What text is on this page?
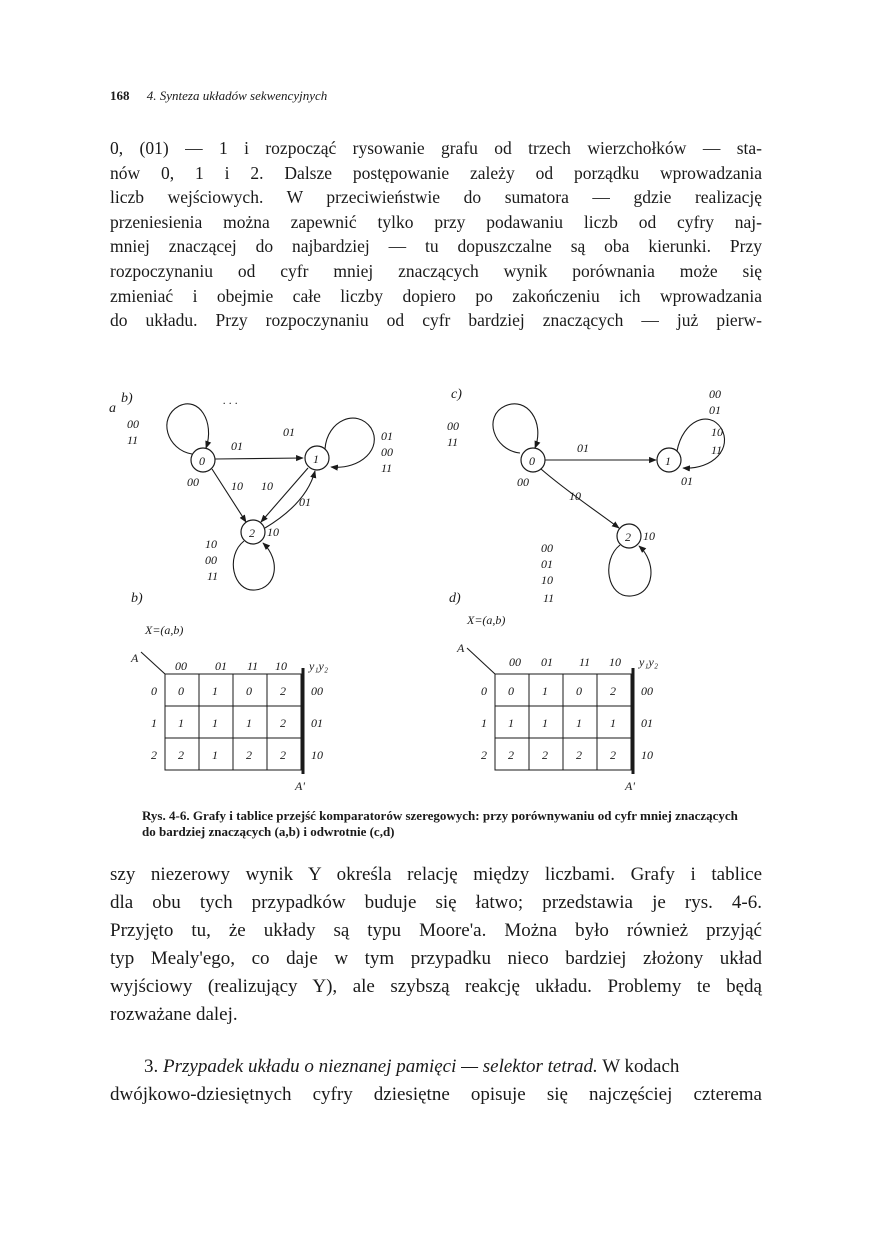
168 4. Synteza układów sekwencyjnych
0, (01) — 1 i rozpocząć rysowanie grafu od trzech wierzchołków — sta-
nów 0, 1 i 2. Dalsze postępowanie zależy od porządku wprowadzania
liczb wejściowych. W przeciwieństwie do sumatora — gdzie realizację
przeniesienia można zapewnić tylko przy podawaniu liczb od cyfry naj-
mniej znaczącej do najbardziej — tu dopuszczalne są oba kierunki. Przy
rozpoczynaniu od cyfr mniej znaczących wynik porównania może się
zmieniać i obejmie całe liczby dopiero po zakończeniu ich wprowadzania
do układu. Przy rozpoczynaniu od cyfr bardziej znaczących — już pierw-
a
b)	. . .
00
11
0	1
01
00
11
01
01
00	10 10
01
2 10
10
00
11
c)
00
11
0
00
01
1
01
00
01
10
11
10
2 10
00
01
10
11
b)
X=(a,b)
A
00 01 11 10 y₁y₂
0 0 1 0 2 00
1 1 1 1 2 01
2 2 1 2 2 10
A'
d)
X=(a,b)
A
00 01 11 10 y₁y₂
0 0 1 0 2 00
1 1 1 1 1 01
2 2 2 2 2 10
A'
Rys. 4-6. Grafy i tablice przejść komparatorów szeregowych: przy porównywaniu od cyfr mniej znaczących do bardziej znaczących (a,b) i odwrotnie (c,d)
szy niezerowy wynik Y określa relację między liczbami. Grafy i tablice
dla obu tych przypadków buduje się łatwo; przedstawia je rys. 4-6.
Przyjęto tu, że układy są typu Moore'a. Można było również przyjąć
typ Mealy'ego, co daje w tym przypadku nieco bardziej złożony układ
wyjściowy (realizujący Y), ale szybszą reakcję układu. Problemy te będą
rozważane dalej.
3. Przypadek układu o nieznanej pamięci — selektor tetrad. W kodach
dwójkowo-dziesiętnych cyfry dziesiętne opisuje się najczęściej czterema
